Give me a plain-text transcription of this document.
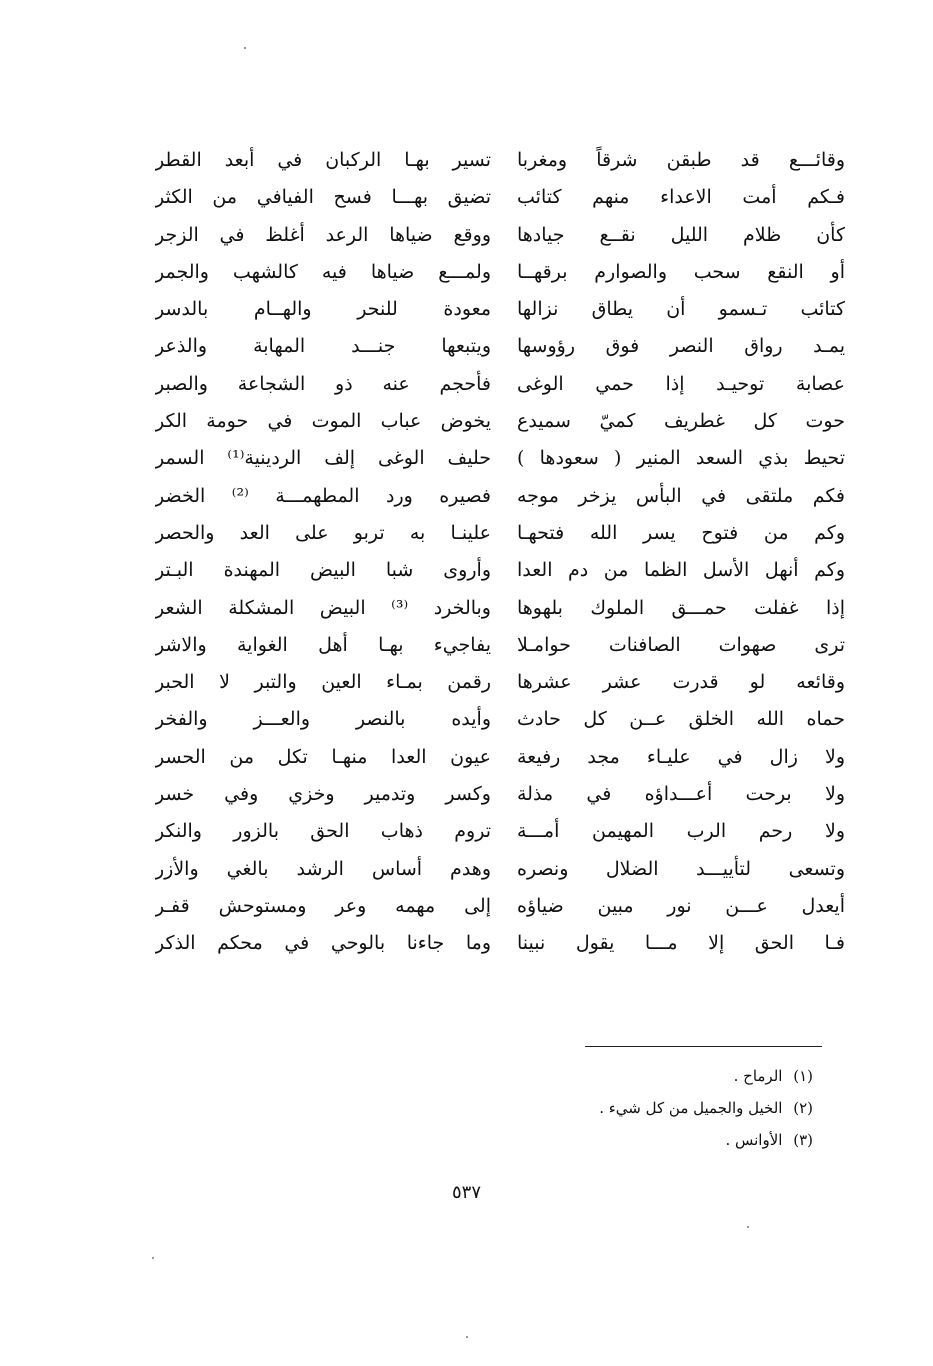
وقائـــع قد طبقن شرقاً ومغربا
تسير بهـا الركبان في أبعد القطر
فـكم أمت الاعداء منهم كتائب
تضيق بهـــا فسح الفيافي من الكثر
كأن ظلام الليل نقــع جيادها
ووقع ضياها الرعد أغلظ في الزجر
أو النقع سحب والصوارم برقهــا
ولمـــع ضياها فيه كالشهب والجمر
كتائب تـسمو أن يطاق نزالها
معودة للنحر والهــام بالدسر
يمـد رواق النصر فوق رؤوسها
ويتبعها جنـــد المهابة والذعر
عصابة توحيـد إذا حمي الوغى
فأحجم عنه ذو الشجاعة والصبر
حوت كل غطريف كميّ سميدع
يخوض عباب الموت في حومة الكر
تحيط بذي السعد المنير ( سعودها )
حليف الوغى إلف الردينية⁽¹⁾ السمر
فكم ملتقى في البأس يزخر موجه
فصيره ورد المطهمـــة ⁽²⁾ الخضر
وكم من فتوح يسر الله فتحهـا
علينـا به تربو على العد والحصر
وكم أنهل الأسل الظما من دم العدا
وأروى شبا البيض المهندة البـتر
إذا غفلت حمـــق الملوك بلهوها
وبالخرد ⁽³⁾ البيض المشكلة الشعر
ترى صهوات الصافنات حوامـلا
يفاجيء بهـا أهل الغواية والاشر
وقائعه لو قدرت عشر عشرها
رقمن بمـاء العين والتبر لا الحبر
حماه الله الخلق عــن كل حادث
وأيده بالنصر والعـــز والفخر
ولا زال في عليـاء مجد رفيعة
عيون العدا منهـا تكل من الحسر
ولا برحت أعـــداؤه في مذلة
وكسر وتدمير وخزي وفي خسر
ولا رحم الرب المهيمن أمـــة
تروم ذهاب الحق بالزور والنكر
وتسعى لتأييـــد الضلال ونصره
وهدم أساس الرشد بالغي والأزر
أيعدل عـــن نور مبين ضياؤه
إلى مهمه وعر ومستوحش قفـر
فـا الحق إلا مـــا يقول نبينا
وما جاءنا بالوحي في محكم الذكر
(١) الرماح .
(٢) الخيل والجميل من كل شيء .
(٣) الأوانس .
٥٣٧
